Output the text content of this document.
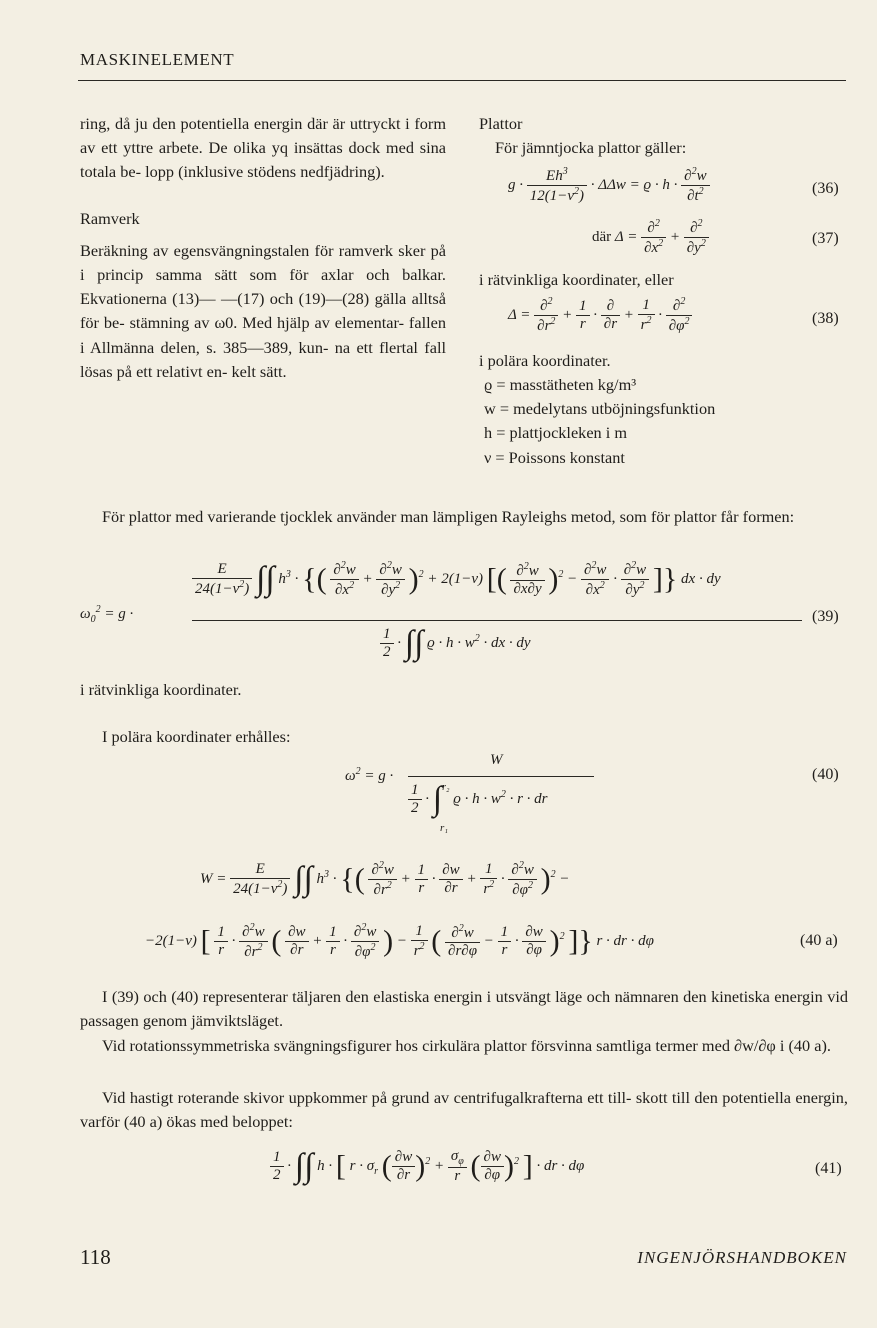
MASKINELEMENT

ring, då ju den potentiella energin där är uttryckt i form av ett yttre arbete. De olika yq insättas dock med sina totala be- lopp (inklusive stödens nedfjädring).

Ramverk

Beräkning av egensvängningstalen för ramverk sker på i princip samma sätt som för axlar och balkar. Ekvationerna (13)— —(17) och (19)—(28) gälla alltså för be- stämning av ω0. Med hjälp av elementar- fallen i Allmänna delen, s. 385—389, kun- na ett flertal fall lösas på ett relativt en- kelt sätt.

Plattor

För jämntjocka plattor gäller:

$g \cdot \frac{Eh^3}{12(1-\nu^2)} \cdot \Delta\Delta w = ϱ \cdot h \cdot \frac{\partial^2w}{\partial t^2}$	(36)
där $\Delta = \frac{\partial^2}{\partial x^2} + \frac{\partial^2}{\partial y^2}$	(37)
i rätvinkliga koordinater, eller
$\Delta = \frac{\partial^2}{\partial r^2} + \frac{1}{r} \cdot \frac{\partial}{\partial r} + \frac{1}{r^2} \cdot \frac{\partial^2}{\partial\varphi^2}$	(38)
i polära koordinater.

ϱ = masstätheten kg/m³

w = medelytans utböjningsfunktion

h = plattjockleken i m

ν = Poissons konstant

För plattor med varierande tjocklek använder man lämpligen Rayleighs metod, som för plattor får formen:
$\omega_0^2 = g$ ·
$\frac{E}{24(1-\nu^2)}$ ∫∫ $h^3$ · {( $\frac{\partial^2w}{\partial x^2} + \frac{\partial^2w}{\partial y^2} )^2 + 2(1-\nu)$ [( $\frac{\partial^2w}{\partial x\partial y} )^2 - \frac{\partial^2w}{\partial x^2} \cdot \frac{\partial^2w}{\partial y^2}$ ]} dx · dy
$\frac{1}{2}$ · ∫∫ $ϱ \cdot h \cdot w^2$ · dx · dy
(39)
i rätvinkliga koordinater.
I polära koordinater erhålles:
$\omega^2 = g$ ·
W
$\frac{1}{2} \cdot \int^{r_2}$ $ϱ \cdot h \cdot w^2 \cdot r$ · dr
r₁
(40)
$W = \frac{E}{24(1-\nu^2)}$ ∫∫ $h^3$ · {( $\frac{\partial^2w}{\partial r^2} + \frac{1}{r} \cdot \frac{\partial w}{\partial r} + \frac{1}{r^2} \cdot \frac{\partial^2w}{\partial\varphi^2} )^2$ −
−2(1−ν) [ $\frac{1}{r} \cdot \frac{\partial^2w}{\partial r^2}$ ( $\frac{\partial w}{\partial r} + \frac{1}{r} \cdot \frac{\partial^2w}{\partial\varphi^2}$ ) − $\frac{1}{r^2}$ ( $\frac{\partial^2w}{\partial r\partial\varphi} - \frac{1}{r} \cdot \frac{\partial w}{\partial\varphi} )^2$ ]} r · dr · dφ	(40 a)
I (39) och (40) representerar täljaren den elastiska energin i utsvängt läge och nämnaren den kinetiska energin vid passagen genom jämviktsläget.
Vid rotationssymmetriska svängningsfigurer hos cirkulära plattor försvinna samtliga termer med ∂w/∂φ i (40 a).
Vid hastigt roterande skivor uppkommer på grund av centrifugalkrafterna ett till- skott till den potentiella energin, varför (40 a) ökas med beloppet:
$\frac{1}{2}$ · ∫∫ h · [ $r \cdot \sigma_r$ ( $\frac{\partial w}{\partial r} )^2 + \frac{\sigma_\varphi}{r}$ ( $\frac{\partial w}{\partial\varphi} )^2$ ] · dr · dφ	(41)
118	INGENJÖRSHANDBOKEN
